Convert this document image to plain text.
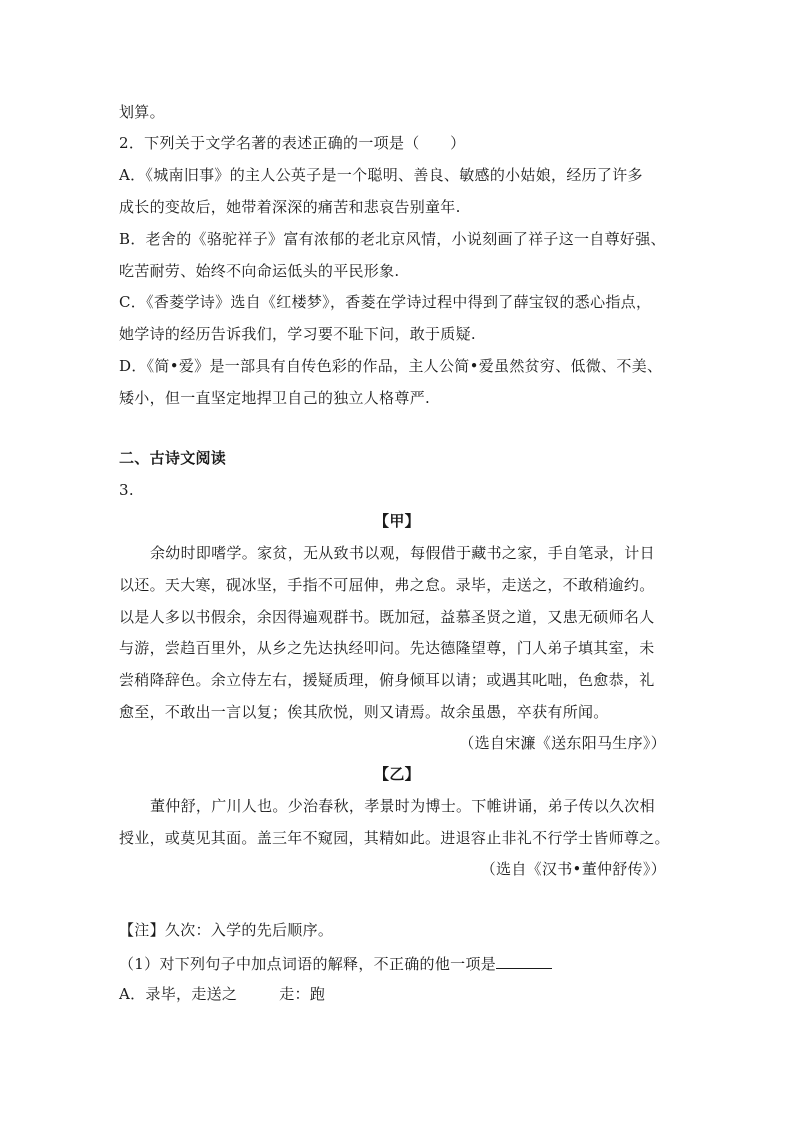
划算。
2．下列关于文学名著的表述正确的一项是（　　）
A．《城南旧事》的主人公英子是一个聪明、善良、敏感的小姑娘，经历了许多
成长的变故后，她带着深深的痛苦和悲哀告别童年.
B．老舍的《骆驼祥子》富有浓郁的老北京风情，小说刻画了祥子这一自尊好强、
吃苦耐劳、始终不向命运低头的平民形象.
C．《香菱学诗》选自《红楼梦》，香菱在学诗过程中得到了薛宝钗的悉心指点，
她学诗的经历告诉我们，学习要不耻下问，敢于质疑.
D．《简•爱》是一部具有自传色彩的作品，主人公简•爱虽然贫穷、低微、不美、
矮小，但一直坚定地捍卫自己的独立人格尊严.
二、古诗文阅读
3.
【甲】
余幼时即嗜学。家贫，无从致书以观，每假借于藏书之家，手自笔录，计日
以还。天大寒，砚冰坚，手指不可屈伸，弗之怠。录毕，走送之，不敢稍逾约。
以是人多以书假余，余因得遍观群书。既加冠，益慕圣贤之道，又患无硕师名人
与游，尝趋百里外，从乡之先达执经叩问。先达德隆望尊，门人弟子填其室，未
尝稍降辞色。余立侍左右，援疑质理，俯身倾耳以请；或遇其叱咄，色愈恭，礼
愈至，不敢出一言以复；俟其欣悦，则又请焉。故余虽愚，卒获有所闻。
（选自宋濂《送东阳马生序》）
【乙】
董仲舒，广川人也。少治春秋，孝景时为博士。下帷讲诵，弟子传以久次相
授业，或莫见其面。盖三年不窥园，其精如此。进退容止非礼不行学士皆师尊之。
（选自《汉书•董仲舒传》）
【注】久次：入学的先后顺序。
（1）对下列句子中加点词语的解释，不正确的他一项是
A．录毕，走送之	走：跑
